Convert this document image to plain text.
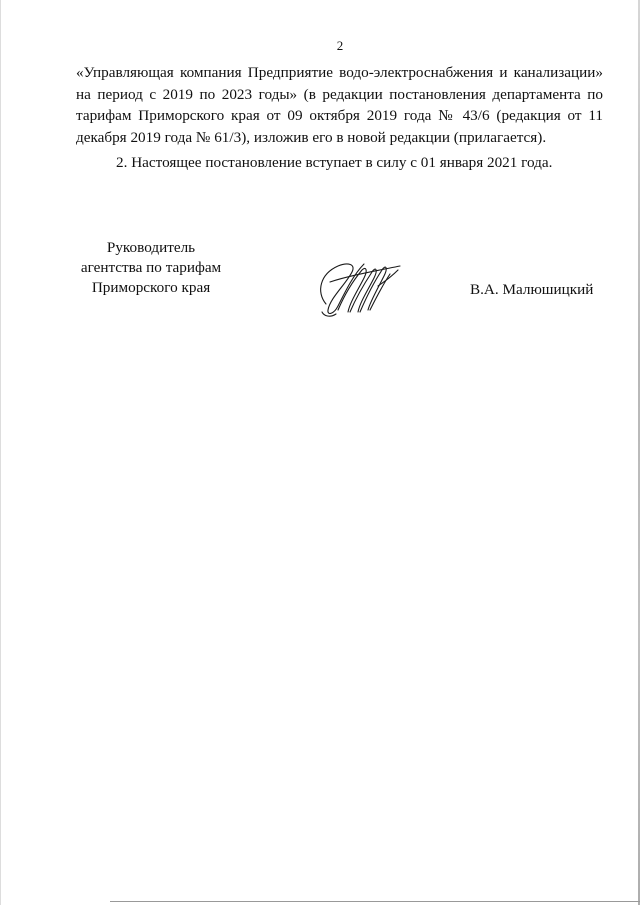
2

«Управляющая компания Предприятие водо-электроснабжения и канализации»
на период с 2019 по 2023 годы» (в редакции постановления департамента по
тарифам Приморского края от 09 октября 2019 года № 43/6 (редакция от 11
декабря 2019 года № 61/3), изложив его в новой редакции (прилагается).

2. Настоящее постановление вступает в силу с 01 января 2021 года.

Руководитель
агентства по тарифам
Приморского края	В.А. Малюшицкий
